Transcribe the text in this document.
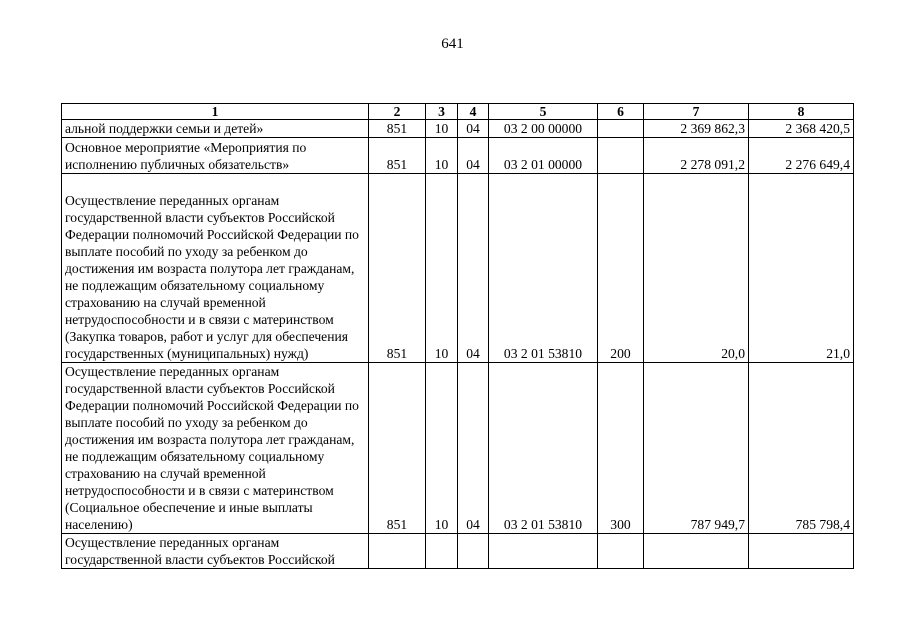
641
1	2	3	4	5	6	7	8
альной поддержки семьи и детей»	851	10	04	03 2 00 00000		2 369 862,3	2 368 420,5
Основное мероприятие «Мероприятия по исполнению публичных обязательств»	851	10	04	03 2 01 00000		2 278 091,2	2 276 649,4
Осуществление переданных органам государственной власти субъектов Российской Федерации полномочий Российской Федерации по выплате пособий по уходу за ребенком до достижения им возраста полутора лет гражданам, не подлежащим обязательному социальному страхованию на случай временной нетрудоспособности и в связи с материнством (Закупка товаров, работ и услуг для обеспечения государственных (муниципальных) нужд)	851	10	04	03 2 01 53810	200	20,0	21,0
Осуществление переданных органам государственной власти субъектов Российской Федерации полномочий Российской Федерации по выплате пособий по уходу за ребенком до достижения им возраста полутора лет гражданам, не подлежащим обязательному социальному страхованию на случай временной нетрудоспособности и в связи с материнством (Социальное обеспечение и иные выплаты населению)	851	10	04	03 2 01 53810	300	787 949,7	785 798,4
Осуществление переданных органам государственной власти субъектов Российской							
